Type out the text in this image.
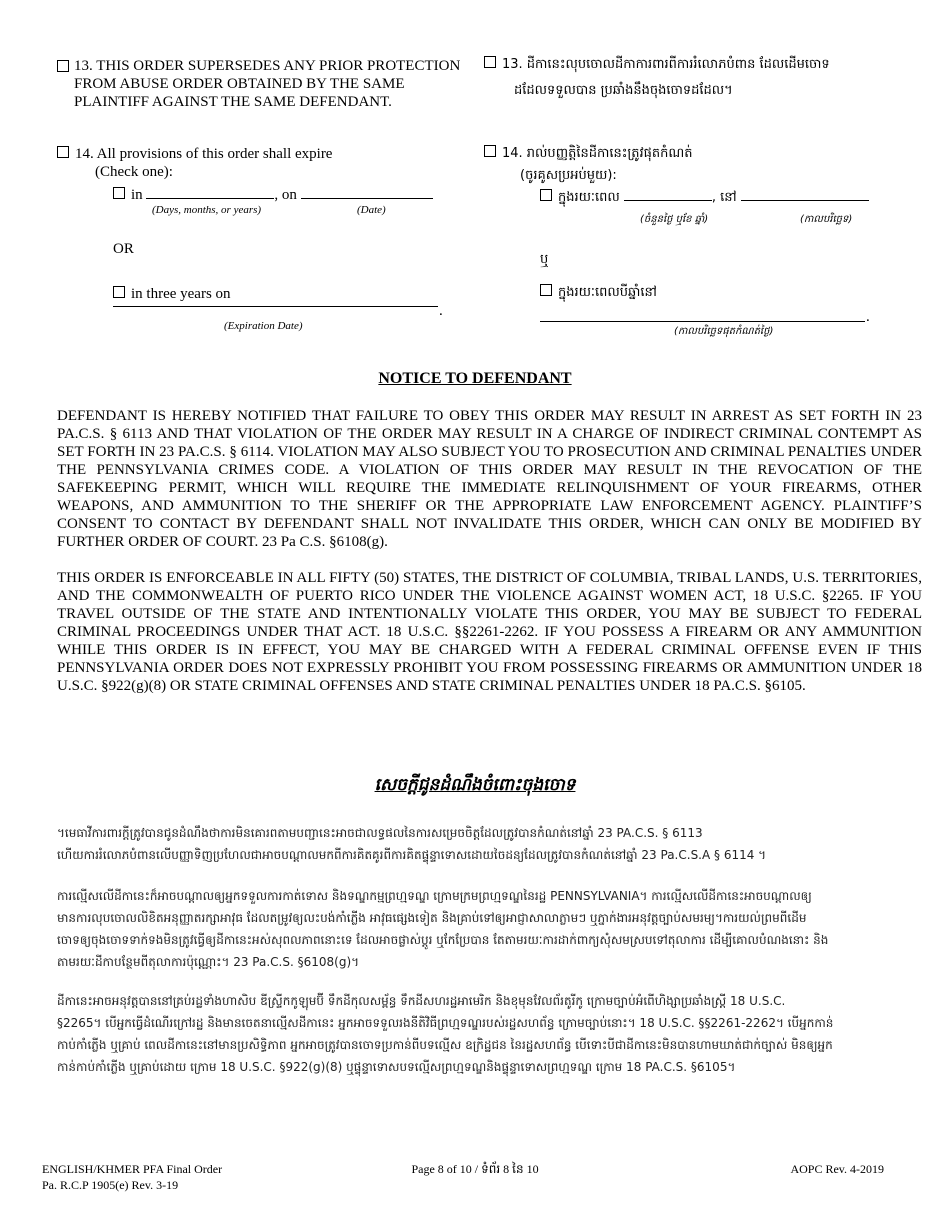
13. THIS ORDER SUPERSEDES ANY PRIOR PROTECTION FROM ABUSE ORDER OBTAINED BY THE SAME PLAINTIFF AGAINST THE SAME DEFENDANT.
13. ដីកានេះលុបចោលដីកាការពារពីការរំលោភបំពាន ដែលដើមចោទ
ដដែលទទួលបាន ប្រឆាំងនឹងចុងចោទដដែល។
14. All provisions of this order shall expire
(Check one):
in	, on
(Days, months, or years)	(Date)
OR
in three years on
.
(Expiration Date)
14. រាល់បញ្ញត្តិនៃដីកានេះត្រូវផុតកំណត់
(ចូរគូសប្រអប់មួយ):
ក្នុងរយៈពេល	, នៅ
(ចំនួនថ្ងៃ ឬខែ ឆ្នាំ)	(កាលបរិច្ឆេទ)
ឬ
ក្នុងរយៈពេលបីឆ្នាំនៅ
.
(កាលបរិច្ឆេទផុតកំណត់ថ្ងៃ)
NOTICE TO DEFENDANT
DEFENDANT IS HEREBY NOTIFIED THAT FAILURE TO OBEY THIS ORDER MAY RESULT IN ARREST AS SET FORTH IN 23 PA.C.S. § 6113 AND THAT VIOLATION OF THE ORDER MAY RESULT IN A CHARGE OF INDIRECT CRIMINAL CONTEMPT AS SET FORTH IN 23 PA.C.S. § 6114. VIOLATION MAY ALSO SUBJECT YOU TO PROSECUTION AND CRIMINAL PENALTIES UNDER THE PENNSYLVANIA CRIMES CODE. A VIOLATION OF THIS ORDER MAY RESULT IN THE REVOCATION OF THE SAFEKEEPING PERMIT, WHICH WILL REQUIRE THE IMMEDIATE RELINQUISHMENT OF YOUR FIREARMS, OTHER WEAPONS, AND AMMUNITION TO THE SHERIFF OR THE APPROPRIATE LAW ENFORCEMENT AGENCY. PLAINTIFF’S CONSENT TO CONTACT BY DEFENDANT SHALL NOT INVALIDATE THIS ORDER, WHICH CAN ONLY BE MODIFIED BY FURTHER ORDER OF COURT. 23 Pa C.S. §6108(g).
THIS ORDER IS ENFORCEABLE IN ALL FIFTY (50) STATES, THE DISTRICT OF COLUMBIA, TRIBAL LANDS, U.S. TERRITORIES, AND THE COMMONWEALTH OF PUERTO RICO UNDER THE VIOLENCE AGAINST WOMEN ACT, 18 U.S.C. §2265. IF YOU TRAVEL OUTSIDE OF THE STATE AND INTENTIONALLY VIOLATE THIS ORDER, YOU MAY BE SUBJECT TO FEDERAL CRIMINAL PROCEEDINGS UNDER THAT ACT. 18 U.S.C. §§2261-2262. IF YOU POSSESS A FIREARM OR ANY AMMUNITION WHILE THIS ORDER IS IN EFFECT, YOU MAY BE CHARGED WITH A FEDERAL CRIMINAL OFFENSE EVEN IF THIS PENNSYLVANIA ORDER DOES NOT EXPRESSLY PROHIBIT YOU FROM POSSESSING FIREARMS OR AMMUNITION UNDER 18 U.S.C. §922(g)(8) OR STATE CRIMINAL OFFENSES AND STATE CRIMINAL PENALTIES UNDER 18 PA.C.S. §6105.
សេចក្តីជូនដំណឹងចំពោះចុងចោទ
។មេធាវីការពារក្តីត្រូវបានជូនដំណឹងថាការមិនគោរពតាមបញ្ជានេះអាចជាលទ្ធផលនៃការសម្រេចចិត្តដែលត្រូវបានកំណត់នៅឆ្នាំ 23 PA.C.S. § 6113
ហើយការរំលោភបំពានលើបញ្ញាទិញប្រហែលជាអាចបណ្តាលមកពីការគិតគូរពីការគិតផ្ទុន្ទាទោសដោយចៃដន្យដែលត្រូវបានកំណត់នៅឆ្នាំ 23 Pa.C.S.A § 6114 ។
ការល្មើសលើដីកានេះក៏អាចបណ្តាលឲ្យអ្នកទទួលការកាត់ទោស និងទណ្ឌកម្មព្រហ្មទណ្ឌ ក្រោមក្រមព្រហ្មទណ្ឌនៃរដ្ឋ PENNSYLVANIA។ ការល្មើសលើដីកានេះអាចបណ្តាលឲ្យ
មានការលុបចោលលិខិតអនុញ្ញាតរក្សាអាវុធ ដែលតម្រូវឲ្យលះបង់កាំភ្លើង អាវុធផ្សេងទៀត និងគ្រាប់ទៅឲ្យអាជ្ញាសាលាភ្លាមៗ ឬភ្នាក់ងារអនុវត្តច្បាប់សមរម្យ។ការយល់ព្រមពីដើម
ចោទឲ្យចុងចោទទាក់ទងមិនត្រូវធ្វើឲ្យដីកានេះអស់សុពលភាពនោះទេ ដែលអាចផ្លាស់ប្តូរ ឬកែប្រែបាន តែតាមរយៈការដាក់ពាក្យសុំសមស្របទៅតុលាការ ដើម្បីគោលបំណងនោះ និង
តាមរយៈដីកាបន្ថែមពីតុលាការប៉ុណ្ណោះ។ 23 Pa.C.S. §6108(g)។
ដីកានេះអាចអនុវត្តបាននៅគ្រប់រដ្ឋទាំងហាសិប ឌីស្ទ្រីកកូឡុមប៊ី ទឹកដីកុលសម្ព័ន្ធ ទឹកដីសហរដ្ឋអាមេរិក និងខុមុនវែលព័រតូរីកូ ក្រោមច្បាប់អំពើហិង្សាប្រឆាំងស្ត្រី 18 U.S.C.
§2265។ បើអ្នកធ្វើដំណើរក្រៅរដ្ឋ និងមានចេតនាល្មើសដីកានេះ អ្នកអាចទទួលរងនីតិវិធីព្រហ្មទណ្ឌរបស់រដ្ឋសហព័ន្ធ ក្រោមច្បាប់នោះ។ 18 U.S.C. §§2261-2262។ បើអ្នកកាន់
កាប់កាំភ្លើង ឬគ្រាប់ ពេលដីកានេះនៅមានប្រសិទ្ធិភាព អ្នកអាចត្រូវបានចោទប្រកាន់ពីបទល្មើស ឧក្រិដ្ឋជន នៃរដ្ឋសហព័ន្ធ បើទោះបីជាដីកានេះមិនបានហាមឃាត់ជាក់ច្បាស់ មិនឲ្យអ្នក
កាន់កាប់កាំភ្លើង ឬគ្រាប់ដោយ ក្រោម 18 U.S.C. §922(g)(8) ឬផ្ទុន្ទាទោសបទល្មើសព្រហ្មទណ្ឌនិងផ្ទុន្ទាទោសព្រហ្មទណ្ឌ ក្រោម 18 PA.C.S. §6105។
ENGLISH/KHMER PFA Final Order
Pa. R.C.P 1905(e) Rev. 3-19
Page 8 of 10 / ទំព័រ 8 នៃ 10	AOPC Rev. 4-2019
